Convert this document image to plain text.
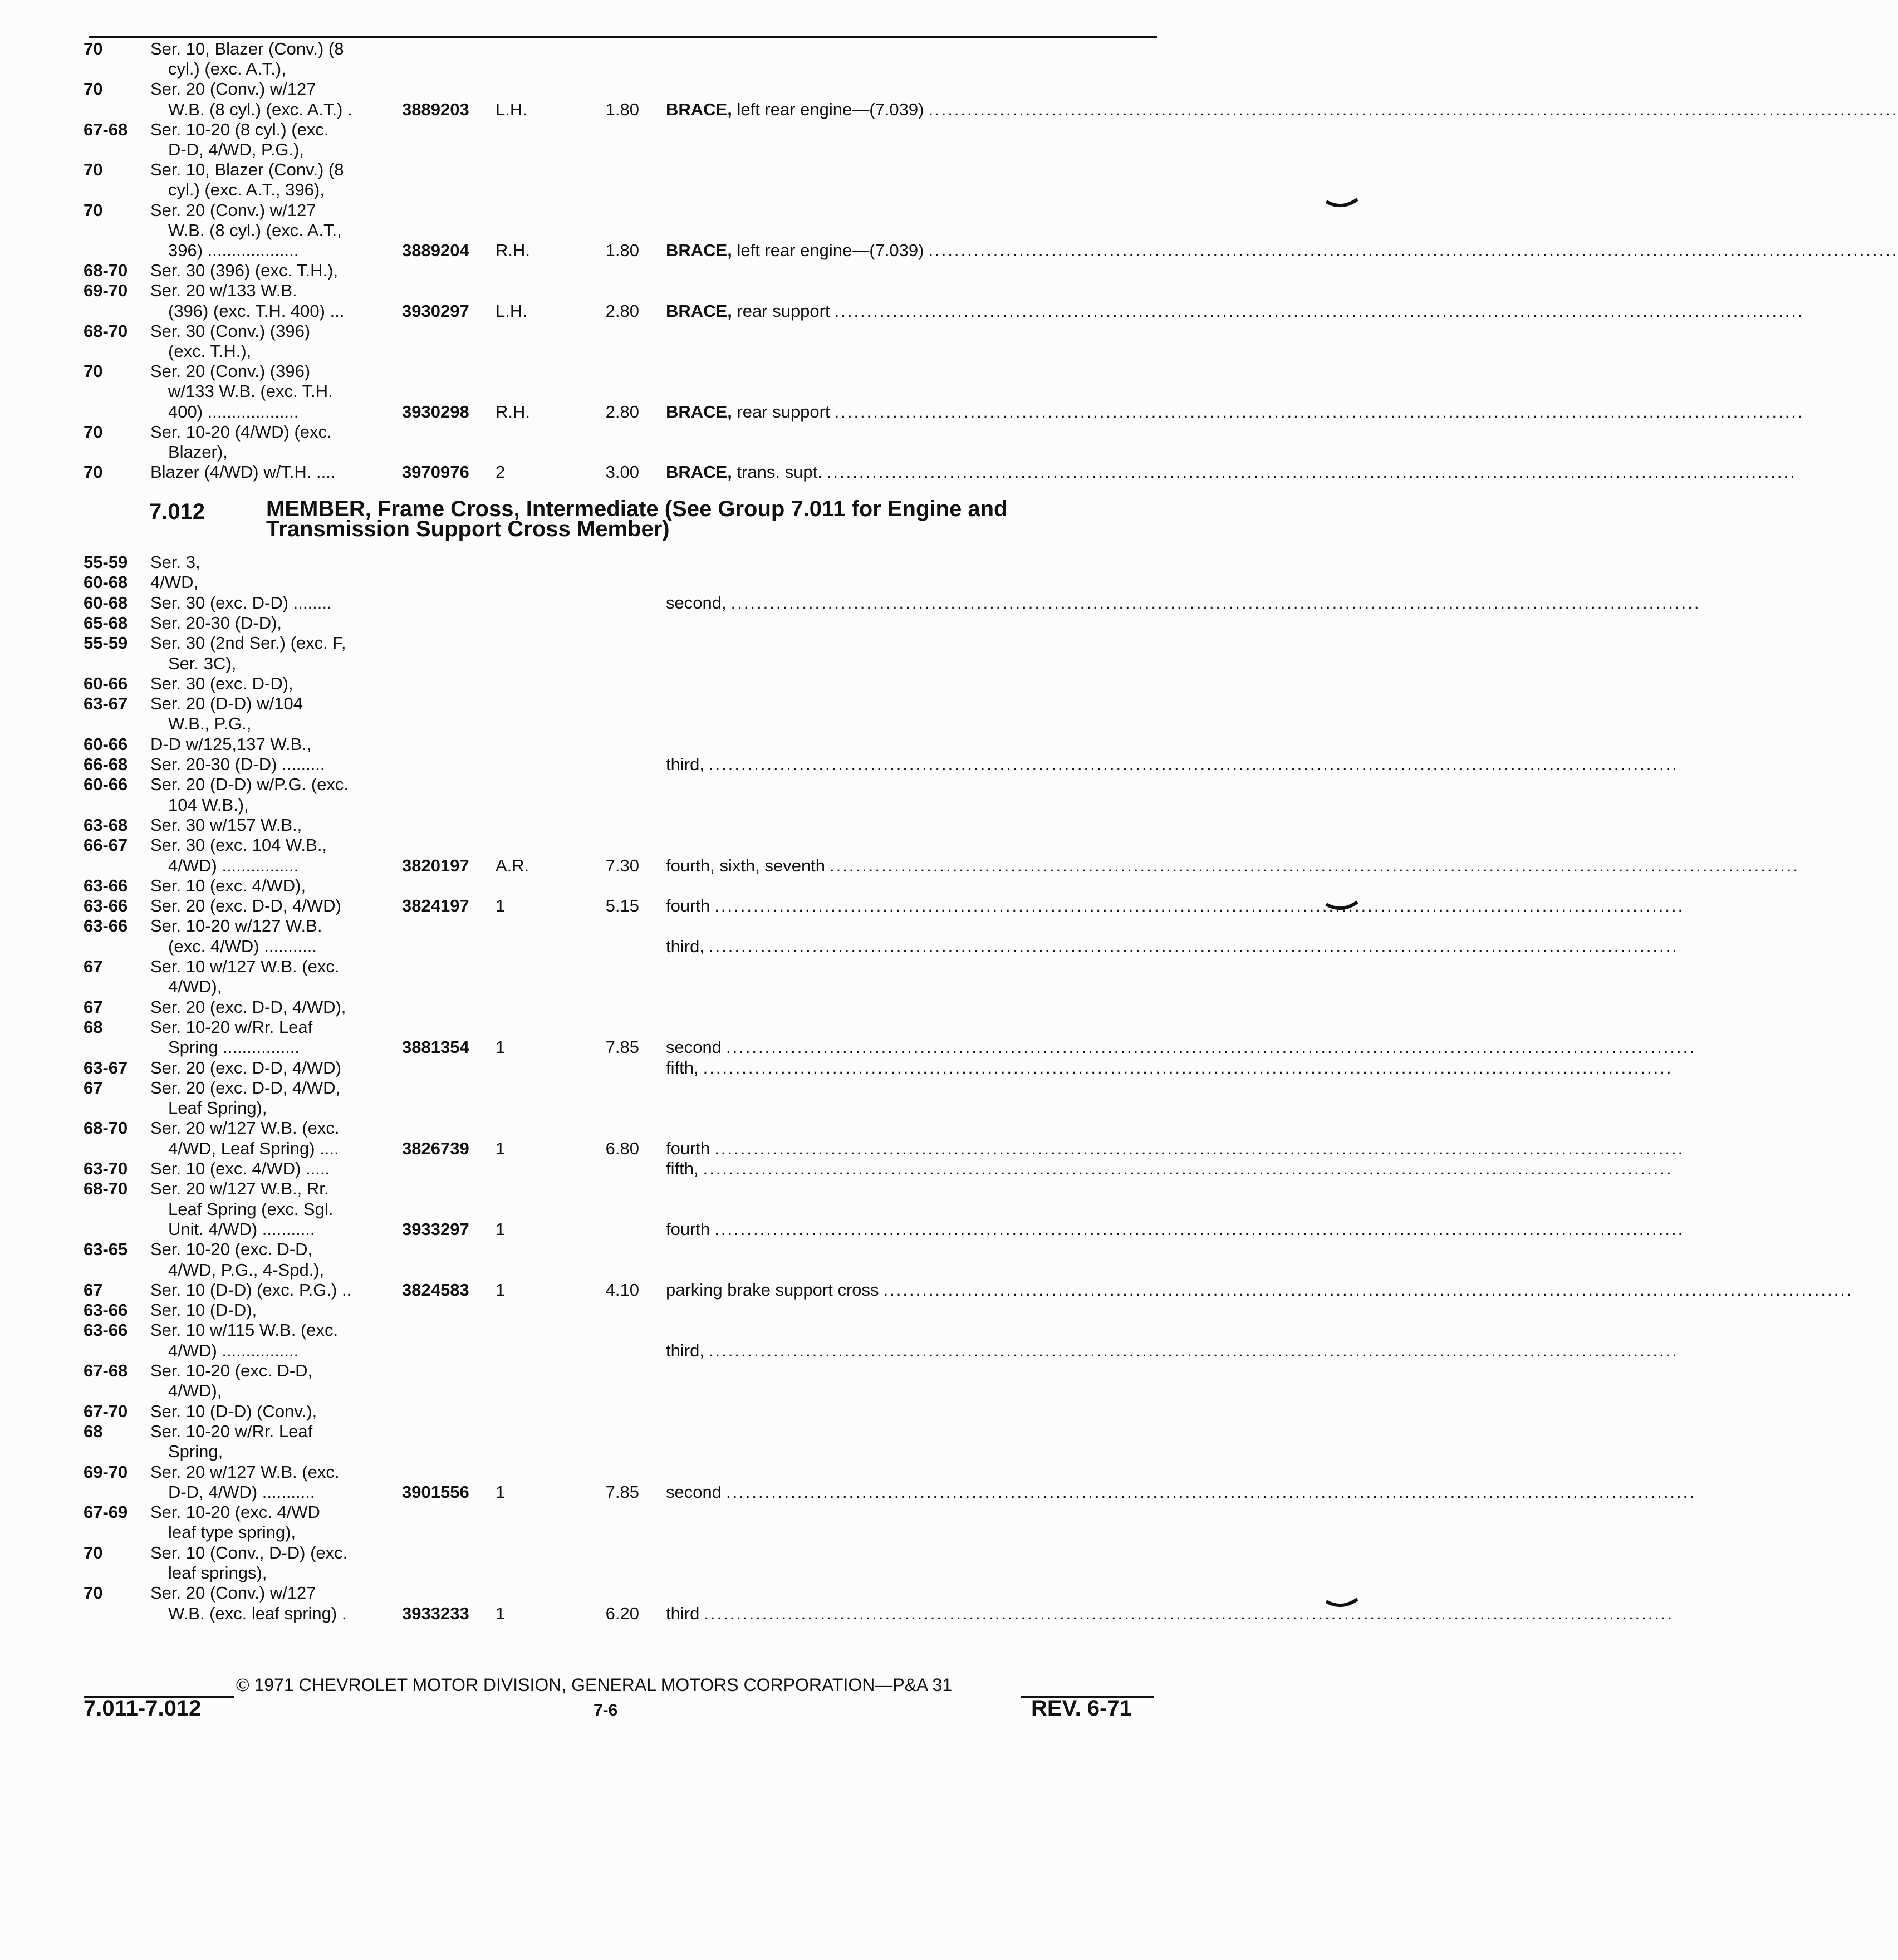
70	Ser. 10, Blazer (Conv.) (8
cyl.) (exc. A.T.),
70	Ser. 20 (Conv.) w/127
W.B. (8 cyl.) (exc. A.T.) .	3889203 L.H.	1.80 BRACE, left rear engine—(7.039) ......................................................................................................................................................
67-68 Ser. 10-20 (8 cyl.) (exc.
D-D, 4/WD, P.G.),
70	Ser. 10, Blazer (Conv.) (8
cyl.) (exc. A.T., 396),
70	Ser. 20 (Conv.) w/127
W.B. (8 cyl.) (exc. A.T.,
396) ...................	3889204 R.H.	1.80 BRACE, left rear engine—(7.039) ......................................................................................................................................................
68-70 Ser. 30 (396) (exc. T.H.),
69-70 Ser. 20 w/133 W.B.
(396) (exc. T.H. 400) ...	3930297 L.H.	2.80 BRACE, rear support ......................................................................................................................................................
68-70 Ser. 30 (Conv.) (396)
(exc. T.H.),
70	Ser. 20 (Conv.) (396)
w/133 W.B. (exc. T.H.
400) ...................	3930298 R.H.	2.80 BRACE, rear support ......................................................................................................................................................
70	Ser. 10-20 (4/WD) (exc.
Blazer),
70	Blazer (4/WD) w/T.H. ....	3970976 2	3.00 BRACE, trans. supt. ......................................................................................................................................................
7.012	MEMBER, Frame Cross, Intermediate (See Group 7.011 for Engine and Transmission Support Cross Member)
55-59 Ser. 3,
60-68 4/WD,
60-68 Ser. 30 (exc. D-D) ........	second, ......................................................................................................................................................
65-68 Ser. 20-30 (D-D),
55-59 Ser. 30 (2nd Ser.) (exc. F,
Ser. 3C),
60-66 Ser. 30 (exc. D-D),
63-67 Ser. 20 (D-D) w/104
W.B., P.G.,
60-66 D-D w/125,137 W.B.,
66-68 Ser. 20-30 (D-D) .........	third, ......................................................................................................................................................
60-66 Ser. 20 (D-D) w/P.G. (exc.
104 W.B.),
63-68 Ser. 30 w/157 W.B.,
66-67 Ser. 30 (exc. 104 W.B.,
4/WD) ................	3820197 A.R.	7.30 fourth, sixth, seventh ......................................................................................................................................................
63-66 Ser. 10 (exc. 4/WD),
63-66 Ser. 20 (exc. D-D, 4/WD)	3824197 1	5.15 fourth ......................................................................................................................................................
63-66 Ser. 10-20 w/127 W.B.
(exc. 4/WD) ...........	third, ......................................................................................................................................................
67	Ser. 10 w/127 W.B. (exc.
4/WD),
67	Ser. 20 (exc. D-D, 4/WD),
68	Ser. 10-20 w/Rr. Leaf
Spring ................	3881354 1	7.85 second ......................................................................................................................................................
63-67 Ser. 20 (exc. D-D, 4/WD)	fifth, ......................................................................................................................................................
67	Ser. 20 (exc. D-D, 4/WD,
Leaf Spring),
68-70 Ser. 20 w/127 W.B. (exc.
4/WD, Leaf Spring) ....	3826739 1	6.80 fourth ......................................................................................................................................................
63-70 Ser. 10 (exc. 4/WD) .....	fifth, ......................................................................................................................................................
68-70 Ser. 20 w/127 W.B., Rr.
Leaf Spring (exc. Sgl.
Unit. 4/WD) ...........	3933297 1	fourth ......................................................................................................................................................
63-65 Ser. 10-20 (exc. D-D,
4/WD, P.G., 4-Spd.),
67	Ser. 10 (D-D) (exc. P.G.) ..	3824583 1	4.10 parking brake support cross ......................................................................................................................................................
63-66 Ser. 10 (D-D),
63-66 Ser. 10 w/115 W.B. (exc.
4/WD) ................	third, ......................................................................................................................................................
67-68 Ser. 10-20 (exc. D-D,
4/WD),
67-70 Ser. 10 (D-D) (Conv.),
68	Ser. 10-20 w/Rr. Leaf
Spring,
69-70 Ser. 20 w/127 W.B. (exc.
D-D, 4/WD) ...........	3901556 1	7.85 second ......................................................................................................................................................
67-69 Ser. 10-20 (exc. 4/WD
leaf type spring),
70	Ser. 10 (Conv., D-D) (exc.
leaf springs),
70	Ser. 20 (Conv.) w/127
W.B. (exc. leaf spring) .	3933233 1	6.20 third ......................................................................................................................................................
© 1971 CHEVROLET MOTOR DIVISION, GENERAL MOTORS CORPORATION—P&A 31
7.011-7.012	7-6	REV. 6-71
